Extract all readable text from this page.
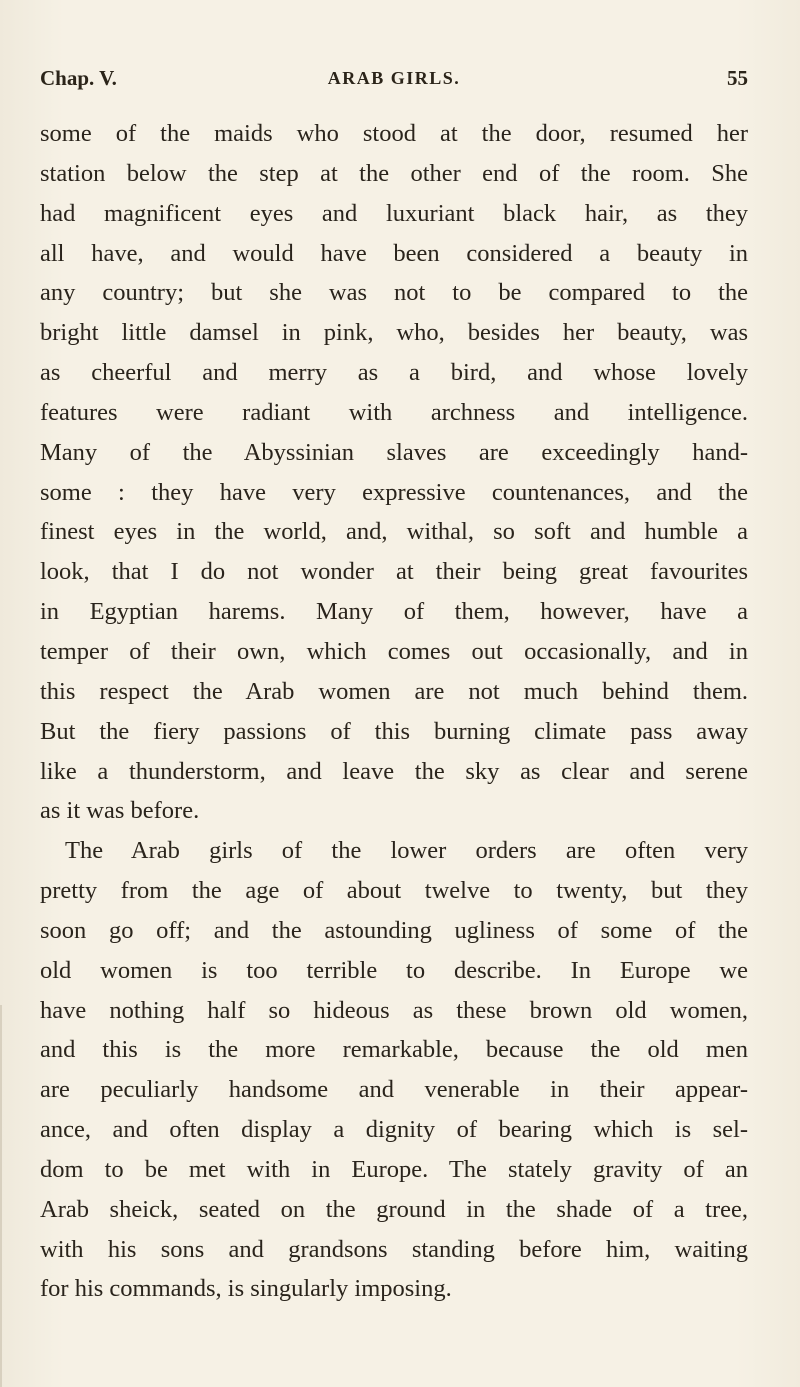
Chap. V.	ARAB GIRLS.	55
some of the maids who stood at the door, resumed her
station below the step at the other end of the room. She
had magnificent eyes and luxuriant black hair, as they
all have, and would have been considered a beauty in
any country; but she was not to be compared to the
bright little damsel in pink, who, besides her beauty, was
as cheerful and merry as a bird, and whose lovely
features were radiant with archness and intelligence.
Many of the Abyssinian slaves are exceedingly hand-
some : they have very expressive countenances, and the
finest eyes in the world, and, withal, so soft and humble a
look, that I do not wonder at their being great favourites
in Egyptian harems. Many of them, however, have a
temper of their own, which comes out occasionally, and in
this respect the Arab women are not much behind them.
But the fiery passions of this burning climate pass away
like a thunderstorm, and leave the sky as clear and serene
as it was before.
The Arab girls of the lower orders are often very
pretty from the age of about twelve to twenty, but they
soon go off; and the astounding ugliness of some of the
old women is too terrible to describe. In Europe we
have nothing half so hideous as these brown old women,
and this is the more remarkable, because the old men
are peculiarly handsome and venerable in their appear-
ance, and often display a dignity of bearing which is sel-
dom to be met with in Europe. The stately gravity of an
Arab sheick, seated on the ground in the shade of a tree,
with his sons and grandsons standing before him, waiting
for his commands, is singularly imposing.
